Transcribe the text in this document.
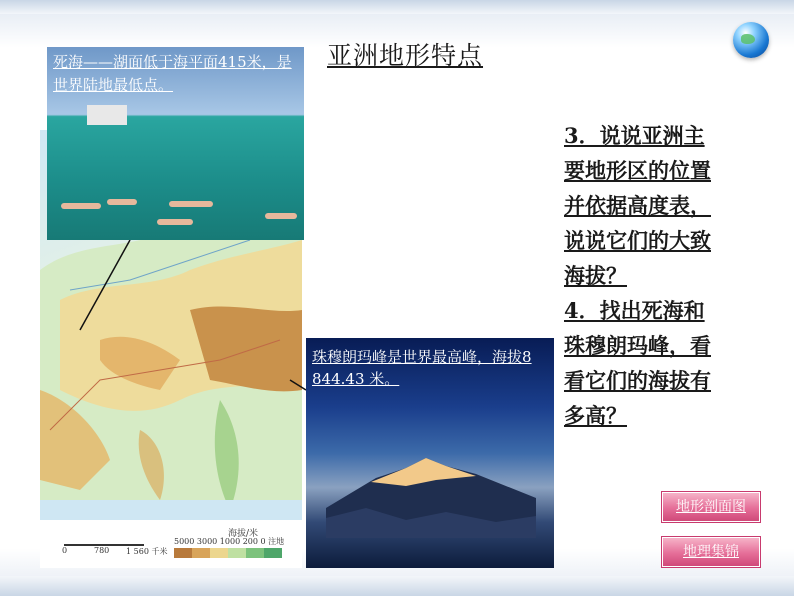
亚洲地形特点
海拔/米
5000 3000 1000 200 0 注地
0	780 1 560 千米
死海——湖面低于海平面415米，是世界陆地最低点。
珠穆朗玛峰是世界最高峰，海拔8 844.43 米。
3．说说亚洲主
要地形区的位置
并依据高度表，
说说它们的大致
海拔？
4．找出死海和
珠穆朗玛峰，看
看它们的海拔有
多高？
地形剖面图
地理集锦
